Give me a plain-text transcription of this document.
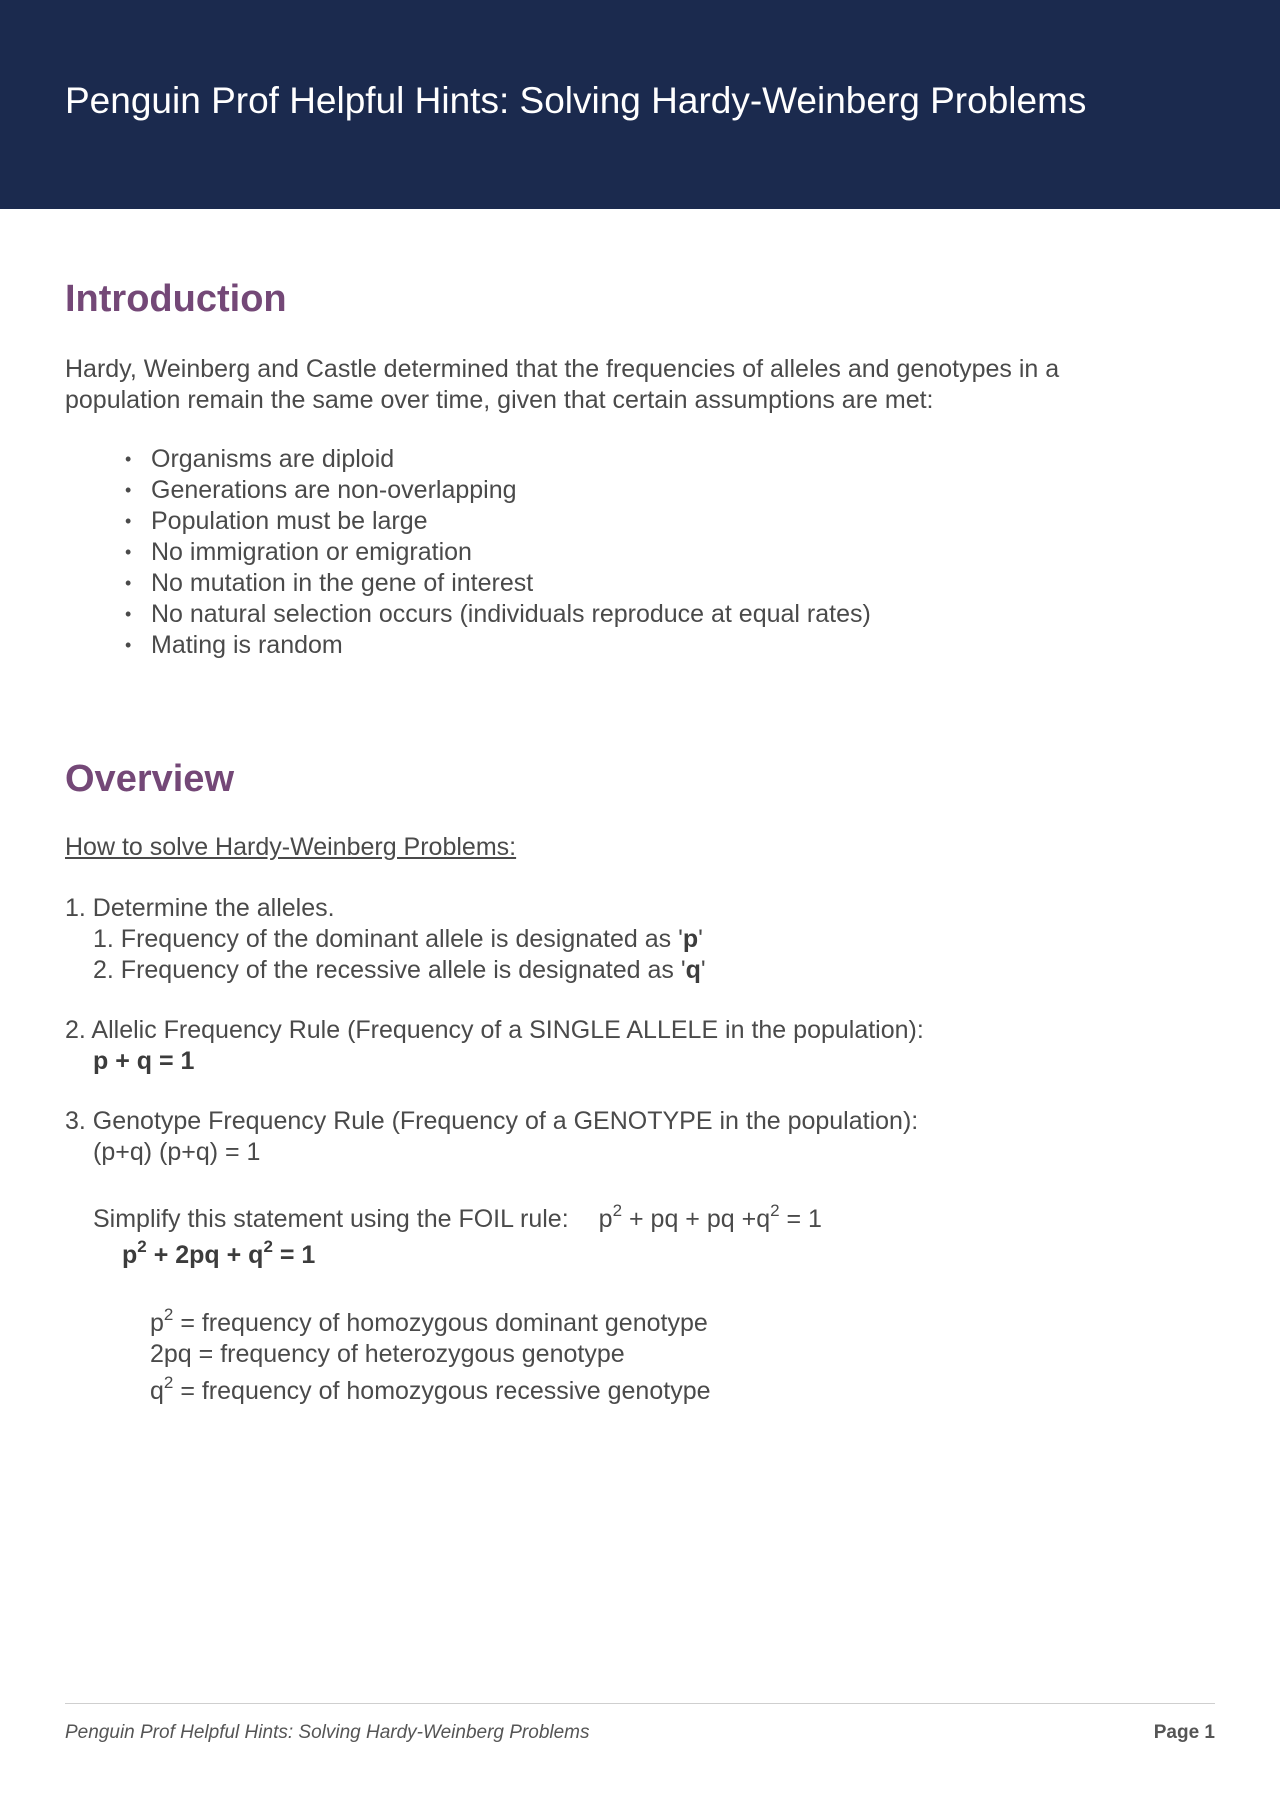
Penguin Prof Helpful Hints: Solving Hardy-Weinberg Problems
Introduction
Hardy, Weinberg and Castle determined that the frequencies of alleles and genotypes in a population remain the same over time, given that certain assumptions are met:
• Organisms are diploid
• Generations are non-overlapping
• Population must be large
• No immigration or emigration
• No mutation in the gene of interest
• No natural selection occurs (individuals reproduce at equal rates)
• Mating is random
Overview
How to solve Hardy-Weinberg Problems:
1. Determine the alleles.
1. Frequency of the dominant allele is designated as 'p'
2. Frequency of the recessive allele is designated as 'q'
2. Allelic Frequency Rule (Frequency of a SINGLE ALLELE in the population):
p + q = 1
3. Genotype Frequency Rule (Frequency of a GENOTYPE in the population):
(p+q) (p+q) = 1
Simplify this statement using the FOIL rule: $p^2$ + pq + pq $+q^2 = 1$
$p^2 + 2pq + q^2 = 1$
$p^2$ = frequency of homozygous dominant genotype
2pq = frequency of heterozygous genotype
$q^2$ = frequency of homozygous recessive genotype
Penguin Prof Helpful Hints: Solving Hardy-Weinberg Problems	Page 1
